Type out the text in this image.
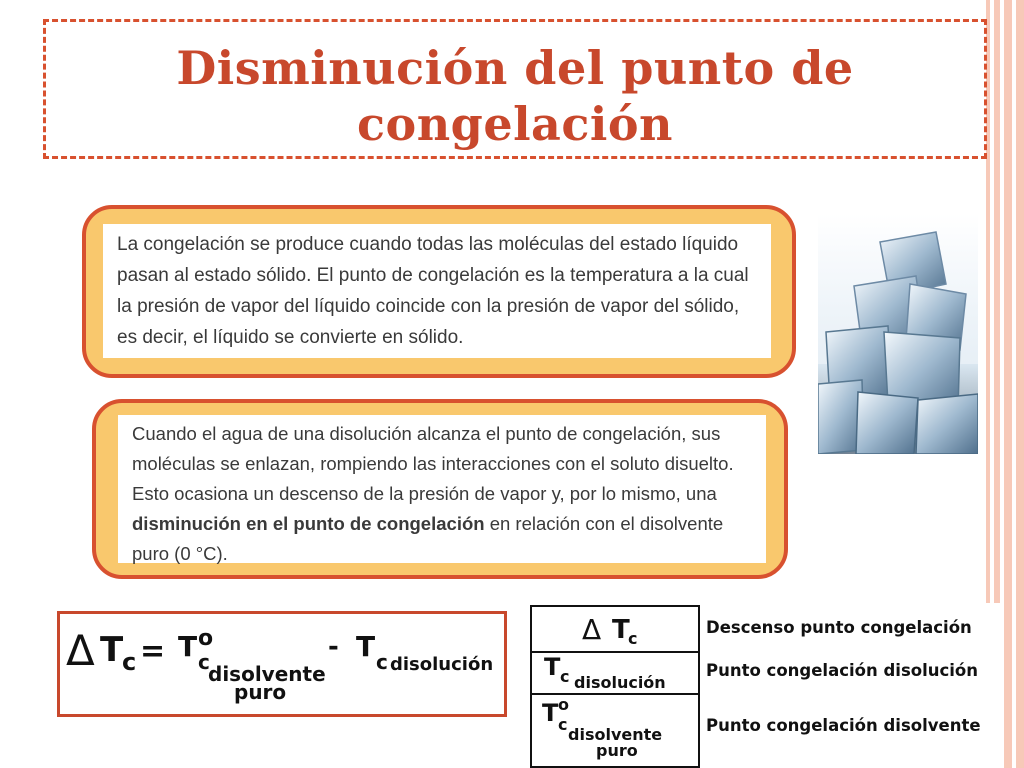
Disminución del punto de congelación
La congelación se produce cuando todas las moléculas del estado líquido pasan al estado sólido. El punto de congelación es la temperatura a la cual la presión de vapor del líquido coincide con la presión de vapor del sólido, es decir, el líquido se convierte en sólido.
Cuando el agua de una disolución alcanza el punto de congelación, sus moléculas se enlazan, rompiendo las interacciones con el soluto disuelto. Esto ocasiona un descenso de la presión de vapor y, por lo mismo, una disminución en el punto de congelación en relación con el disolvente puro (0 °C).
Δ T
c = T o
c
disolvente
puro
- T c disolución
Δ T
c
T c disolución
T o
c
disolvente
puro
Descenso punto congelación
Punto congelación disolución
Punto congelación disolvente
